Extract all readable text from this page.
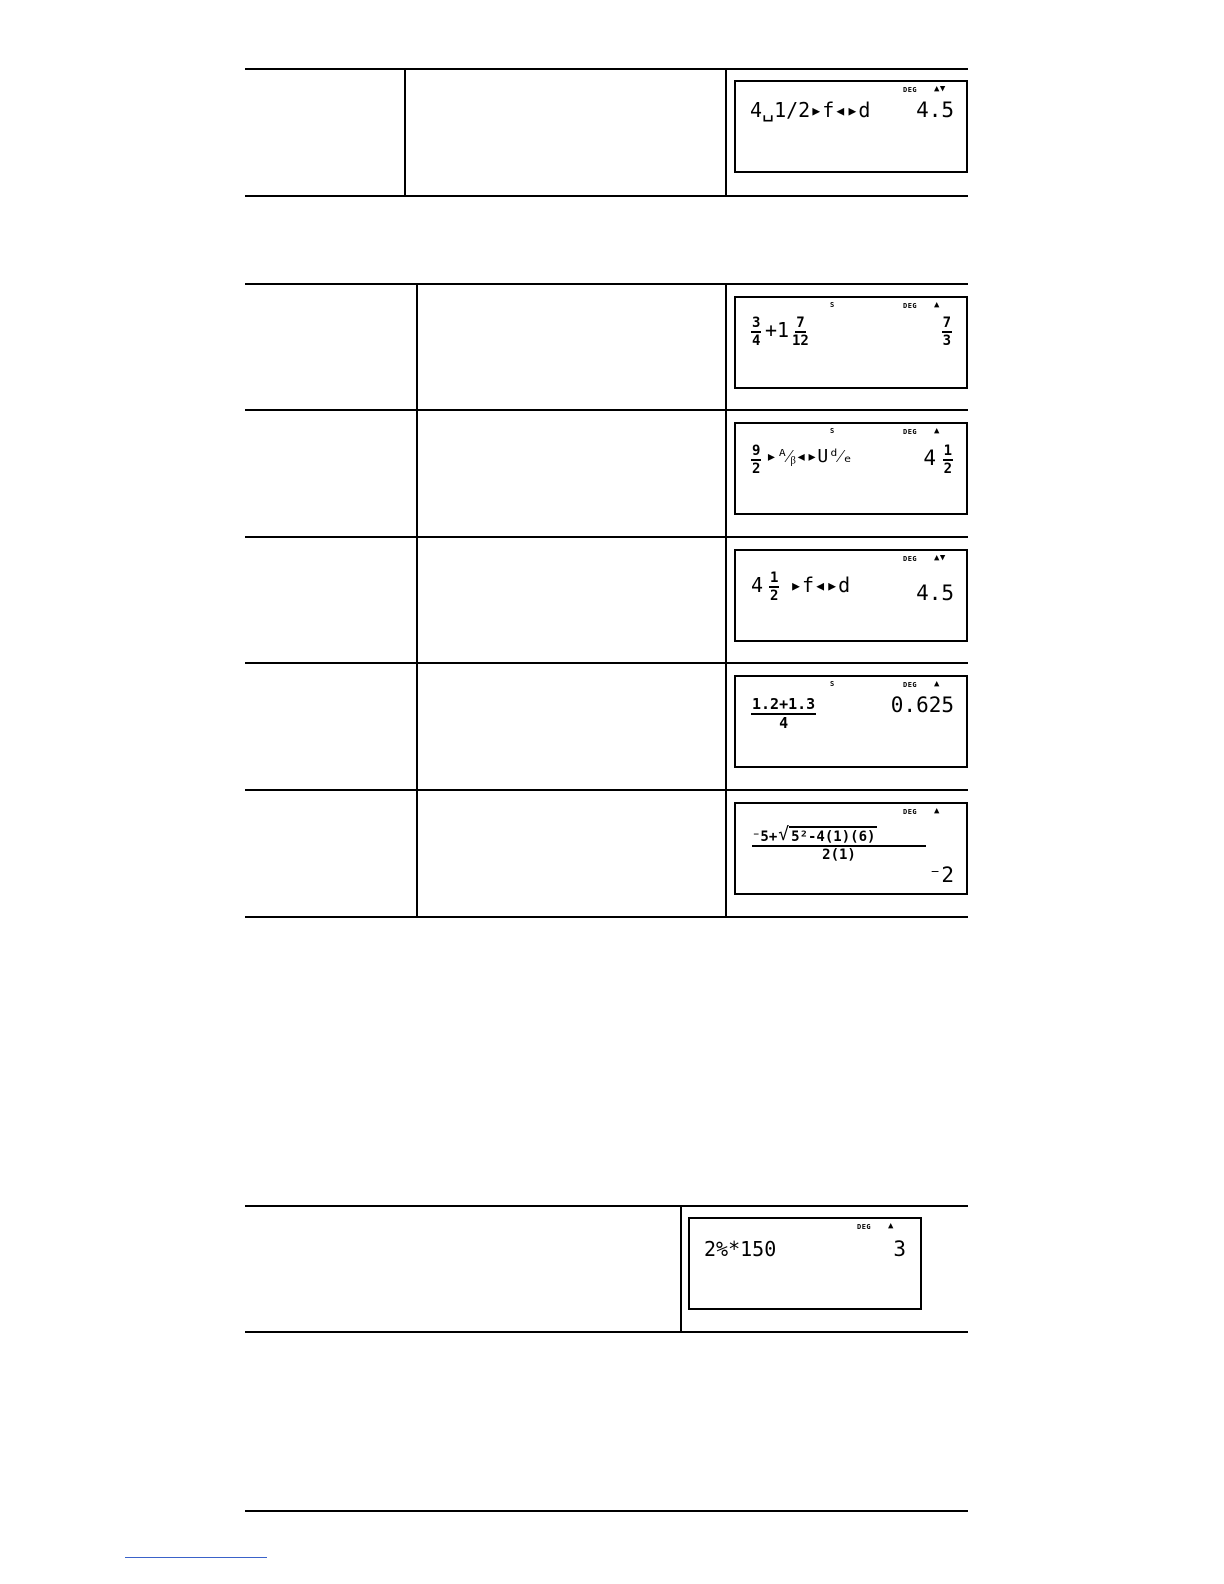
DEG ▲▼
4␣1/2▸f◂▸d 4.5
S	DEG ▲
$\frac{3}{4} +1 \frac{7}{12}$	$\frac{7}{3}$
S	DEG ▲
$\frac{9}{2}$ ▸ᴬ⁄ᵦ◂▸Uᵈ⁄ₑ	$4 \frac{1}{2}$
DEG ▲▼
$4 \frac{1}{2}$ ▸f◂▸d	4.5
S	DEG ▲
$\frac{1.2+1.3}{4}$	0.625
DEG ▲
⁻5+ √ 5²-4(1)(6)
2(1)
⁻2
DEG ▲
2%*150	3
